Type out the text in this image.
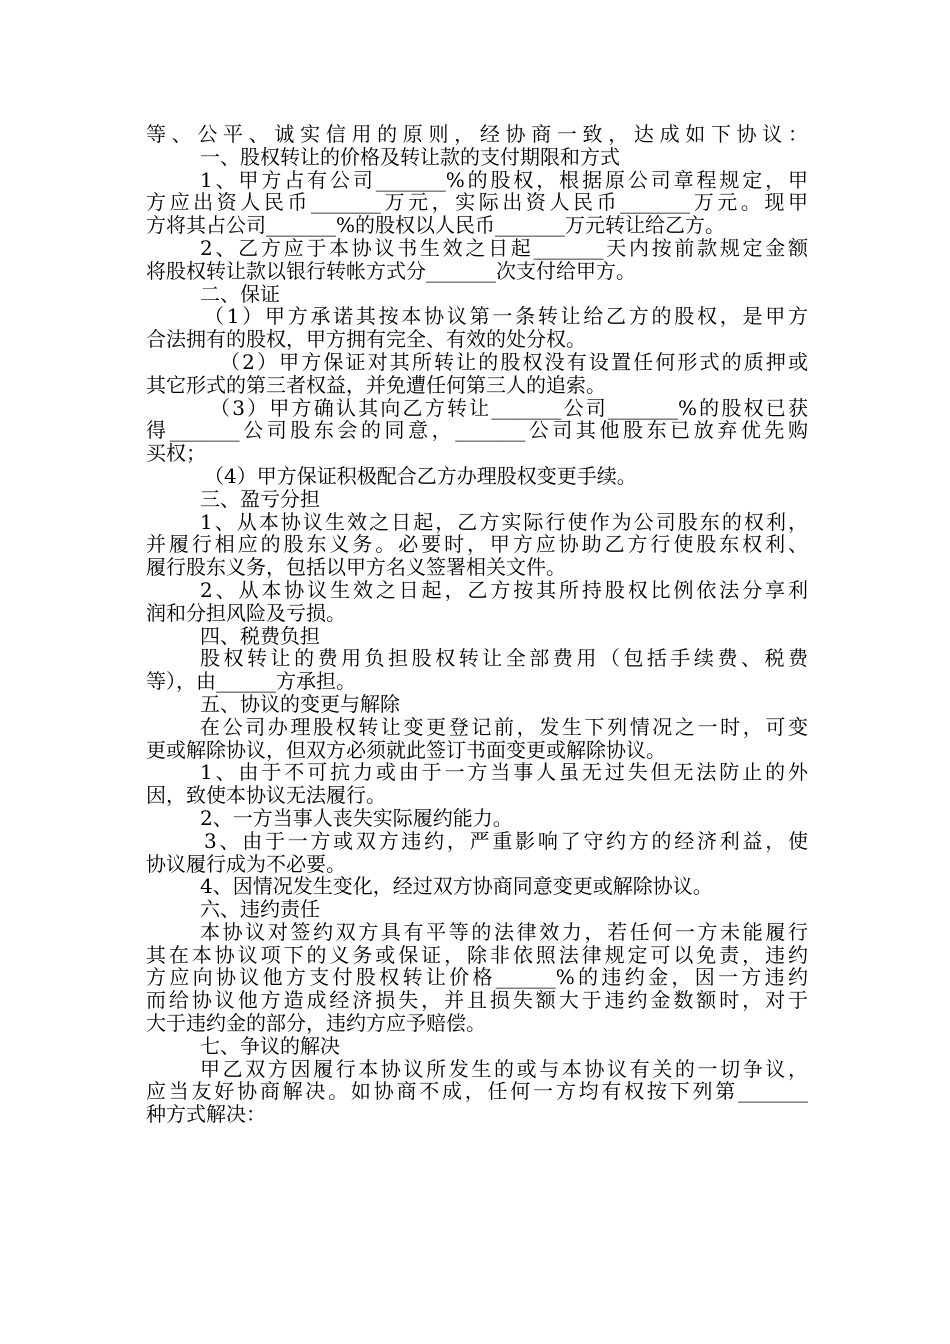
等、公平、诚实信用的原则，经协商一致，达成如下协议：
一、股权转让的价格及转让款的支付期限和方式
1、甲方占有公司_______%的股权，根据原公司章程规定，甲
方应出资人民币_______万元，实际出资人民币_______万元。现甲
方将其占公司_______%的股权以人民币_______万元转让给乙方。
2、乙方应于本协议书生效之日起_______天内按前款规定金额
将股权转让款以银行转帐方式分_______次支付给甲方。
二、保证
（1）甲方承诺其按本协议第一条转让给乙方的股权，是甲方
合法拥有的股权，甲方拥有完全、有效的处分权。
（2）甲方保证对其所转让的股权没有设置任何形式的质押或
其它形式的第三者权益，并免遭任何第三人的追索。
（3）甲方确认其向乙方转让_______公司_______%的股权已获
得_______公司股东会的同意，_______公司其他股东已放弃优先购
买权；
（4）甲方保证积极配合乙方办理股权变更手续。
三、盈亏分担
1、从本协议生效之日起，乙方实际行使作为公司股东的权利，
并履行相应的股东义务。必要时，甲方应协助乙方行使股东权利、
履行股东义务，包括以甲方名义签署相关文件。
2、从本协议生效之日起，乙方按其所持股权比例依法分享利
润和分担风险及亏损。
四、税费负担
股权转让的费用负担股权转让全部费用（包括手续费、税费
等），由______方承担。
五、协议的变更与解除
在公司办理股权转让变更登记前，发生下列情况之一时，可变
更或解除协议，但双方必须就此签订书面变更或解除协议。
1、由于不可抗力或由于一方当事人虽无过失但无法防止的外
因，致使本协议无法履行。
2、一方当事人丧失实际履约能力。
3、由于一方或双方违约，严重影响了守约方的经济利益，使
协议履行成为不必要。
4、因情况发生变化，经过双方协商同意变更或解除协议。
六、违约责任
本协议对签约双方具有平等的法律效力，若任何一方未能履行
其在本协议项下的义务或保证，除非依照法律规定可以免责，违约
方应向协议他方支付股权转让价格______%的违约金，因一方违约
而给协议他方造成经济损失，并且损失额大于违约金数额时，对于
大于违约金的部分，违约方应予赔偿。
七、争议的解决
甲乙双方因履行本协议所发生的或与本协议有关的一切争议，
应当友好协商解决。如协商不成，任何一方均有权按下列第_______
种方式解决：
